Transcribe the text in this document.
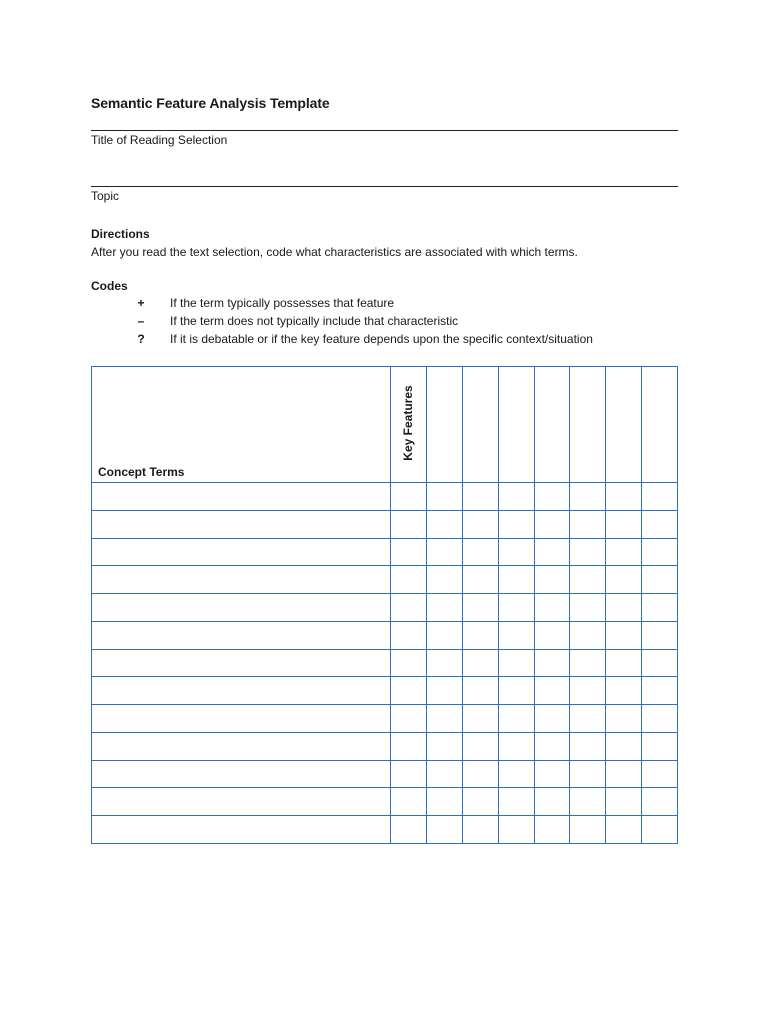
Semantic Feature Analysis Template
Title of Reading Selection
Topic
Directions
After you read the text selection, code what characteristics are associated with which terms.
Codes
+ If the term typically possesses that feature
– If the term does not typically include that characteristic
? If it is debatable or if the key feature depends upon the specific context/situation
Concept Terms
Key Features
